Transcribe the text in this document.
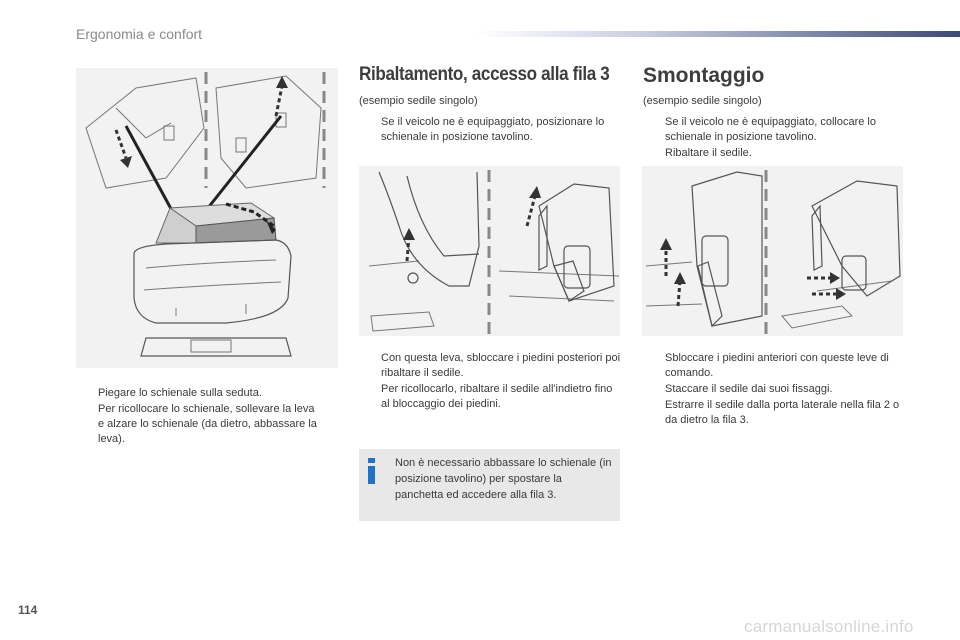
Ergonomia e confort
Piegare lo schienale sulla seduta.
Per ricollocare lo schienale, sollevare la leva e alzare lo schienale (da dietro, abbassare la leva).
Ribaltamento, accesso alla fila 3
(esempio sedile singolo)
Se il veicolo ne è equipaggiato, posizionare lo schienale in posizione tavolino.
Con questa leva, sbloccare i piedini posteriori poi ribaltare il sedile.
Per ricollocarlo, ribaltare il sedile all'indietro fino al bloccaggio dei piedini.
Non è necessario abbassare lo schienale (in posizione tavolino) per spostare la panchetta ed accedere alla fila 3.
Smontaggio
(esempio sedile singolo)
Se il veicolo ne è equipaggiato, collocare lo schienale in posizione tavolino.
Ribaltare il sedile.
Sbloccare i piedini anteriori con queste leve di comando.
Staccare il sedile dai suoi fissaggi.
Estrarre il sedile dalla porta laterale nella fila 2 o da dietro la fila 3.
114
carmanualsonline.info
